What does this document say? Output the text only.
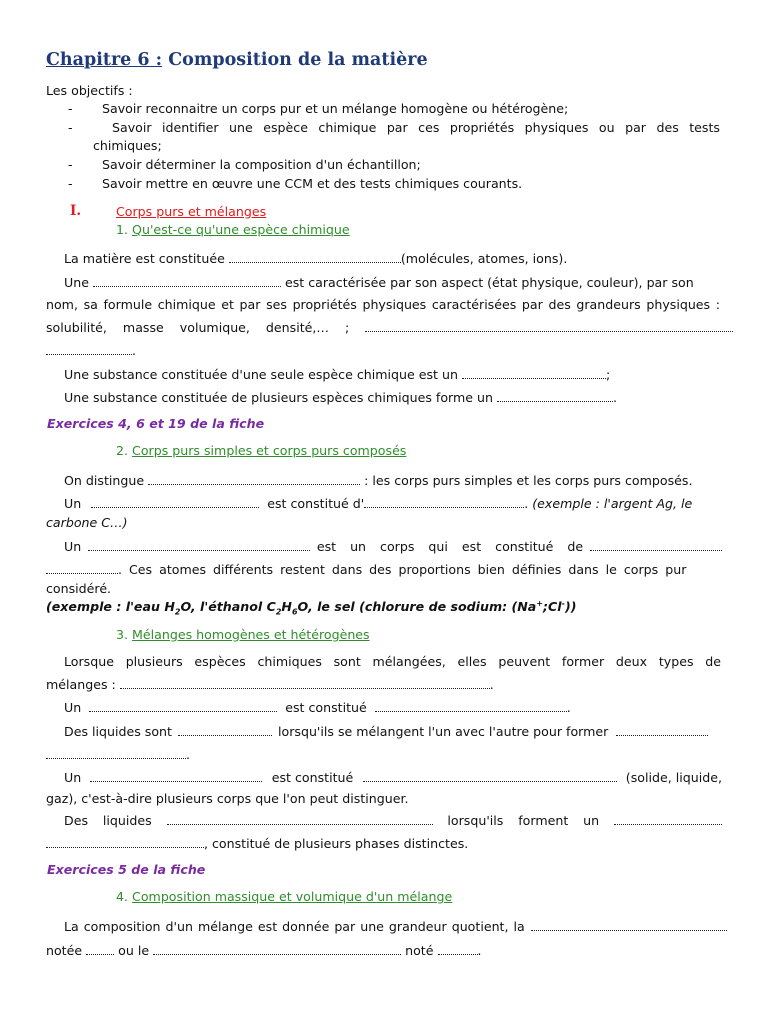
Chapitre 6 : Composition de la matière
Les objectifs :
- Savoir reconnaitre un corps pur et un mélange homogène ou hétérogène;
-	Savoir identifier une espèce chimique par ces propriétés physiques ou par des tests
chimiques;
- Savoir déterminer la composition d'un échantillon;
- Savoir mettre en œuvre une CCM et des tests chimiques courants.
I.	Corps purs et mélanges
1. Qu'est-ce qu'une espèce chimique
La matière est constituée	(molécules, atomes, ions).
Une	est caractérisée par son aspect (état physique, couleur), par son
nom, sa formule chimique et par ses propriétés physiques caractérisées par des grandeurs physiques :
solubilité, masse volumique, densité,… ;
.
Une substance constituée d'une seule espèce chimique est un	;
Une substance constituée de plusieurs espèces chimiques forme un	.
Exercices 4, 6 et 19 de la fiche
2. Corps purs simples et corps purs composés
On distingue	: les corps purs simples et les corps purs composés.
Un	est constitué d'	. (exemple : l'argent Ag, le
carbone C…)
Un	est un corps qui est constitué de
. Ces atomes différents restent dans des proportions bien définies dans le corps pur
considéré.
(exemple : l'eau $H_2O$, l'éthanol $C_2H_6O$, le sel (chlorure de sodium: (Na+;Cl-))
3. Mélanges homogènes et hétérogènes
Lorsque plusieurs espèces chimiques sont mélangées, elles peuvent former deux types de
mélanges :	.
Un	est constitué	.
Des liquides sont	lorsqu'ils se mélangent l'un avec l'autre pour former
.
Un	est constitué	(solide, liquide,
gaz), c'est-à-dire plusieurs corps que l'on peut distinguer.
Des liquides	lorsqu'ils forment un
, constitué de plusieurs phases distinctes.
Exercices 5 de la fiche
4. Composition massique et volumique d'un mélange
La composition d'un mélange est donnée par une grandeur quotient, la
notée	ou le	noté	.
